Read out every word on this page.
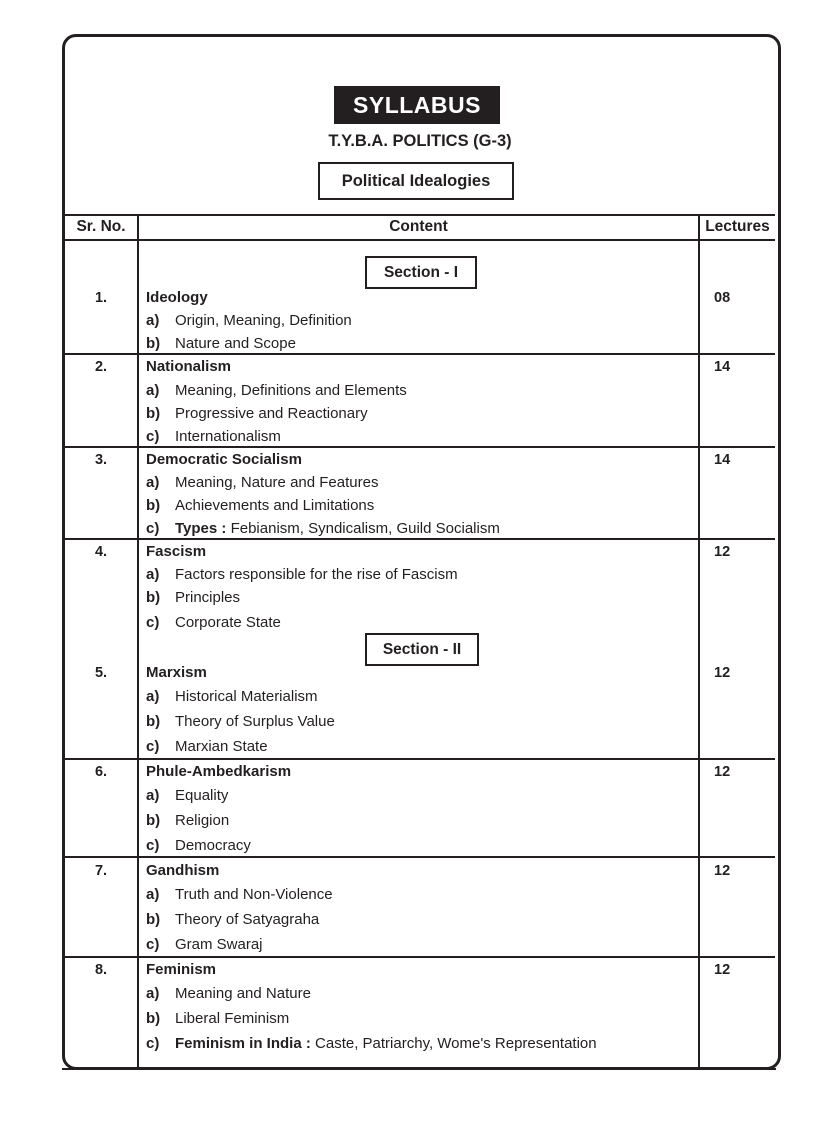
SYLLABUS
T.Y.B.A. POLITICS (G-3)
Political Idealogies
Sr. No.	Content	Lectures
Section - I
Section - II
1.	Ideology	08
a) Origin, Meaning, Definition
b) Nature and Scope
2.	Nationalism	14
a) Meaning, Definitions and Elements
b) Progressive and Reactionary
c) Internationalism
3.	Democratic Socialism	14
a) Meaning, Nature and Features
b) Achievements and Limitations
c) Types : Febianism, Syndicalism, Guild Socialism
4.	Fascism	12
a) Factors responsible for the rise of Fascism
b) Principles
c) Corporate State
5.	Marxism	12
a) Historical Materialism
b) Theory of Surplus Value
c) Marxian State
6.	Phule-Ambedkarism	12
a) Equality
b) Religion
c) Democracy
7.	Gandhism	12
a) Truth and Non-Violence
b) Theory of Satyagraha
c) Gram Swaraj
8.	Feminism	12
a) Meaning and Nature
b) Liberal Feminism
c) Feminism in India : Caste, Patriarchy, Wome's Representation
